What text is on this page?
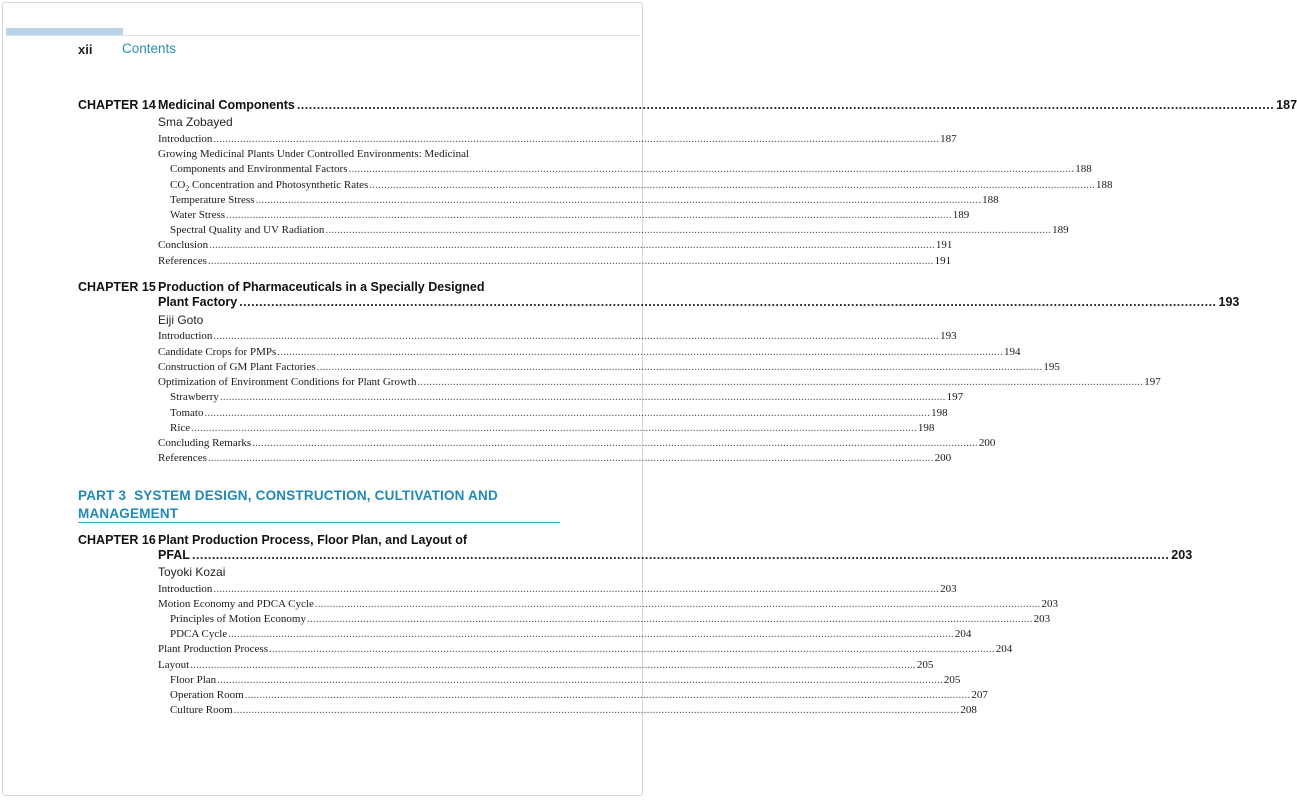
xii Contents
CHAPTER 14 Medicinal Components ...................................................................................................................................................................................................................................................... 187
Sma Zobayed
Introduction ...................................................................................................................................................................................................................................................... 187
Growing Medicinal Plants Under Controlled Environments: Medicinal
Components and Environmental Factors ...................................................................................................................................................................................................................................................... 188
$CO_2$ Concentration and Photosynthetic Rates ...................................................................................................................................................................................................................................................... 188
Temperature Stress ...................................................................................................................................................................................................................................................... 188
Water Stress ...................................................................................................................................................................................................................................................... 189
Spectral Quality and UV Radiation ...................................................................................................................................................................................................................................................... 189
Conclusion ...................................................................................................................................................................................................................................................... 191
References ...................................................................................................................................................................................................................................................... 191
CHAPTER 15 Production of Pharmaceuticals in a Specially Designed
Plant Factory ...................................................................................................................................................................................................................................................... 193
Eiji Goto
Introduction ...................................................................................................................................................................................................................................................... 193
Candidate Crops for PMPs ...................................................................................................................................................................................................................................................... 194
Construction of GM Plant Factories ...................................................................................................................................................................................................................................................... 195
Optimization of Environment Conditions for Plant Growth ...................................................................................................................................................................................................................................................... 197
Strawberry ...................................................................................................................................................................................................................................................... 197
Tomato ...................................................................................................................................................................................................................................................... 198
Rice ...................................................................................................................................................................................................................................................... 198
Concluding Remarks ...................................................................................................................................................................................................................................................... 200
References ...................................................................................................................................................................................................................................................... 200
PART 3  SYSTEM DESIGN, CONSTRUCTION, CULTIVATION AND
MANAGEMENT
CHAPTER 16 Plant Production Process, Floor Plan, and Layout of
PFAL ...................................................................................................................................................................................................................................................... 203
Toyoki Kozai
Introduction ...................................................................................................................................................................................................................................................... 203
Motion Economy and PDCA Cycle ...................................................................................................................................................................................................................................................... 203
Principles of Motion Economy ...................................................................................................................................................................................................................................................... 203
PDCA Cycle ...................................................................................................................................................................................................................................................... 204
Plant Production Process ...................................................................................................................................................................................................................................................... 204
Layout ...................................................................................................................................................................................................................................................... 205
Floor Plan ...................................................................................................................................................................................................................................................... 205
Operation Room ...................................................................................................................................................................................................................................................... 207
Culture Room ...................................................................................................................................................................................................................................................... 208
